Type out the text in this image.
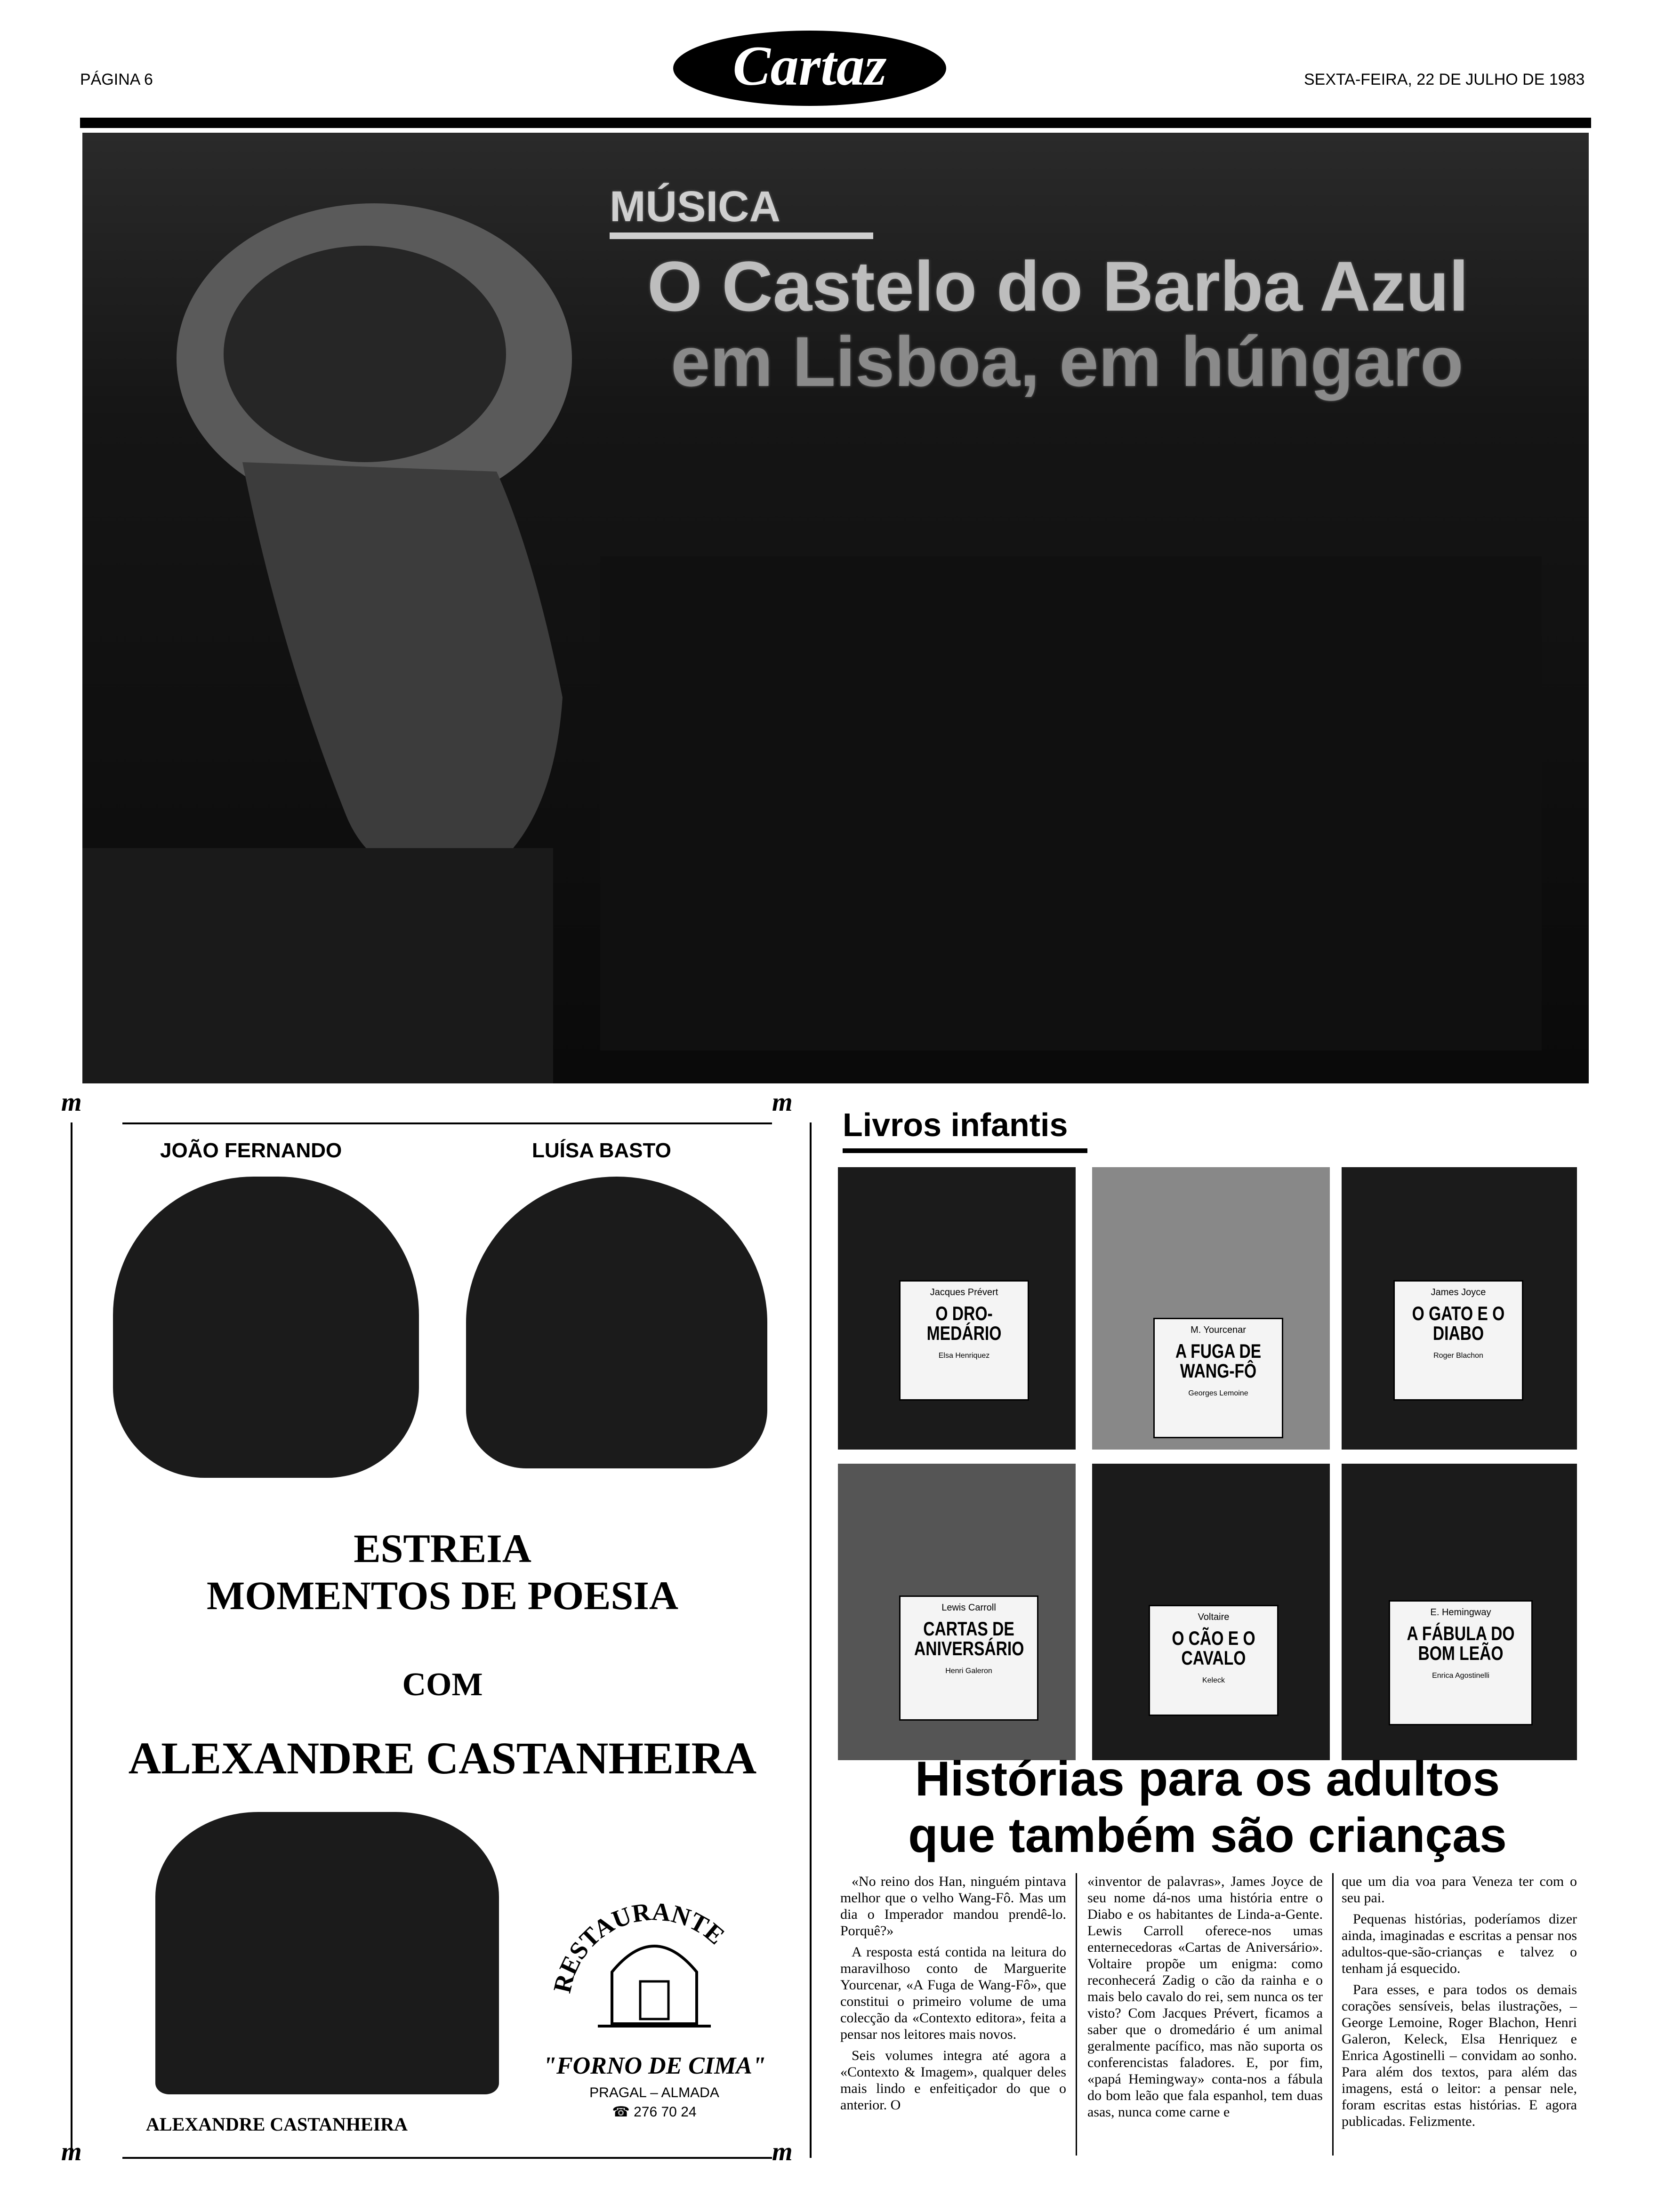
PÁGINA 6	Cartaz	SEXTA-FEIRA, 22 DE JULHO DE 1983
MÚSICA
O Castelo do Barba Azul
em Lisboa, em húngaro
m	m
JOÃO FERNANDO	LUÍSA BASTO
ESTREIA
MOMENTOS DE POESIA
COM
ALEXANDRE CASTANHEIRA
ALEXANDRE CASTANHEIRA
RESTAURANTE
"FORNO DE CIMA"
PRAGAL – ALMADA
☎ 276 70 24
m	m
Livros infantis
Jacques Prévert
O DRO-MEDÁRIO
Elsa Henriquez
M. Yourcenar
A FUGA DE WANG-FÔ
Georges Lemoine
James Joyce
O GATO E O DIABO
Roger Blachon
Lewis Carroll
CARTAS DE ANIVERSÁRIO
Henri Galeron
Voltaire
O CÃO E O CAVALO
Keleck
E. Hemingway
A FÁBULA DO BOM LEÃO
Enrica Agostinelli
Histórias para os adultos
que também são crianças

«No reino dos Han, ninguém pintava melhor que o velho Wang-Fô. Mas um dia o Imperador mandou prendê-lo. Porquê?»

A resposta está contida na leitura do maravilhoso conto de Marguerite Yourcenar, «A Fuga de Wang-Fô», que constitui o primeiro volume de uma colecção da «Contexto editora», feita a pensar nos leitores mais novos.

Seis volumes integra até agora a «Contexto & Imagem», qualquer deles mais lindo e enfeitiçador do que o anterior. O

«inventor de palavras», James Joyce de seu nome dá-nos uma história entre o Diabo e os habitantes de Linda-a-Gente. Lewis Carroll oferece-nos umas enternecedoras «Cartas de Aniversário». Voltaire propõe um enigma: como reconhecerá Zadig o cão da rainha e o mais belo cavalo do rei, sem nunca os ter visto? Com Jacques Prévert, ficamos a saber que o dromedário é um animal geralmente pacífico, mas não suporta os conferencistas faladores. E, por fim, «papá Hemingway» conta-nos a fábula do bom leão que fala espanhol, tem duas asas, nunca come carne e

que um dia voa para Veneza ter com o seu pai.

Pequenas histórias, poderíamos dizer ainda, imaginadas e escritas a pensar nos adultos-que-são-crianças e talvez o tenham já esquecido.

Para esses, e para todos os demais corações sensíveis, belas ilustrações, – George Lemoine, Roger Blachon, Henri Galeron, Keleck, Elsa Henriquez e Enrica Agostinelli – convidam ao sonho. Para além dos textos, para além das imagens, está o leitor: a pensar nele, foram escritas estas histórias. E agora publicadas. Felizmente.
